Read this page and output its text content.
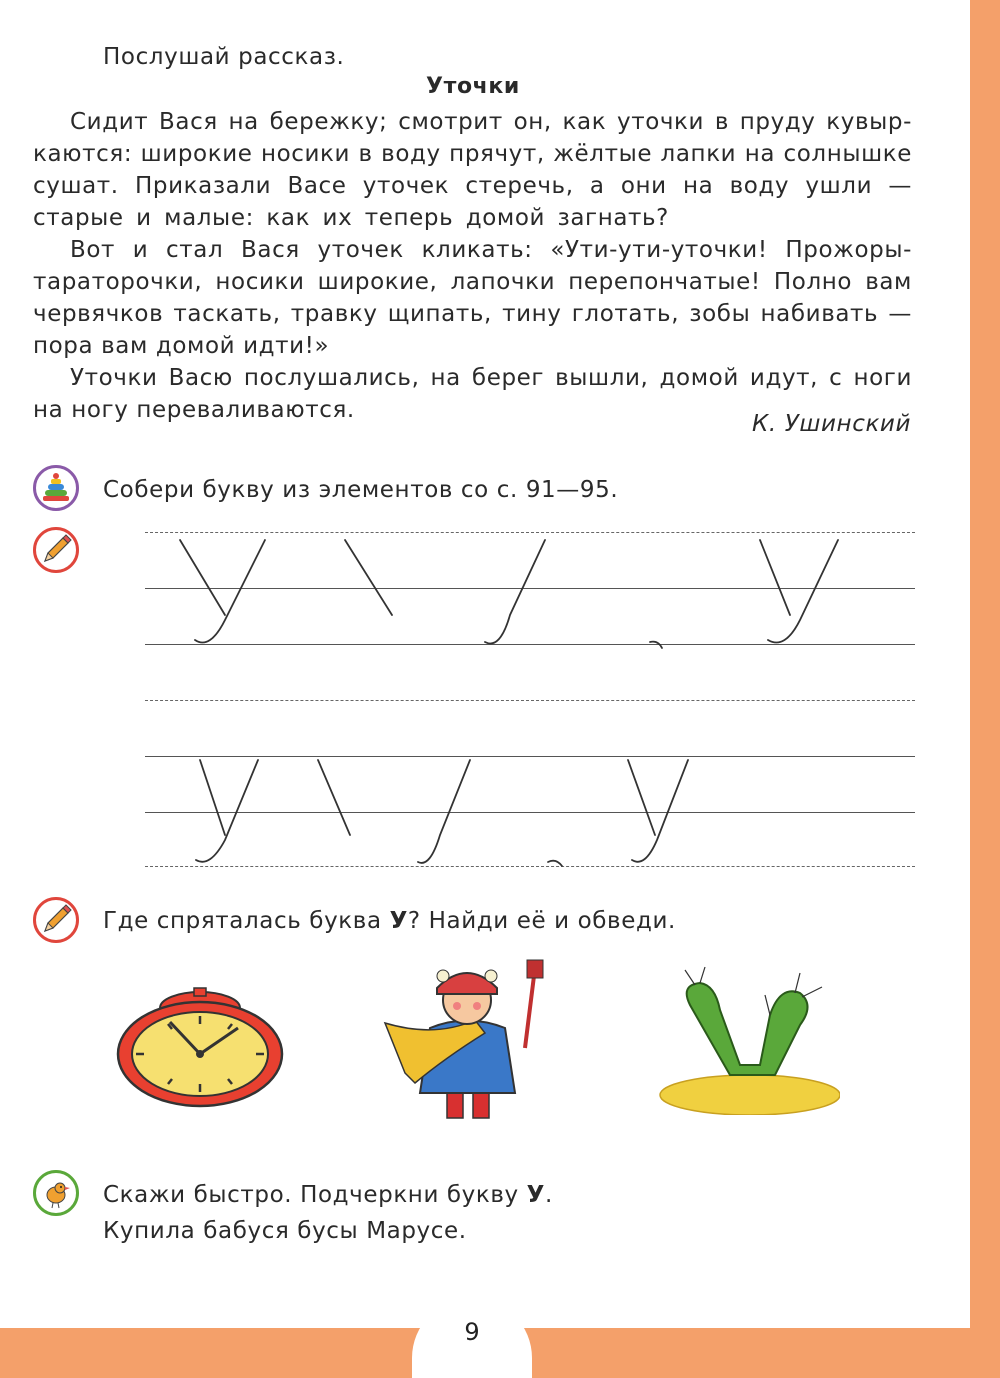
Послушай рассказ.
Уточки
Сидит Вася на бережку; смотрит он, как уточки в пруду кувыр-
каются: широкие носики в воду прячут, жёлтые лапки на солнышке
сушат. Приказали Васе уточек стеречь, а они на воду ушли —
старые и малые: как их теперь домой загнать?
Вот и стал Вася уточек кликать: «Ути-ути-уточки! Прожоры-
тараторочки, носики широкие, лапочки перепончатые! Полно вам
червячков таскать, травку щипать, тину глотать, зобы набивать —
пора вам домой идти!»
Уточки Васю послушались, на берег вышли, домой идут, с ноги
на ногу переваливаются.
К. Ушинский
Собери букву из элементов со с. 91—95.
Где спряталась буква У? Найди её и обведи.
Скажи быстро. Подчеркни букву У.
Купила бабуся бусы Марусе.
9
